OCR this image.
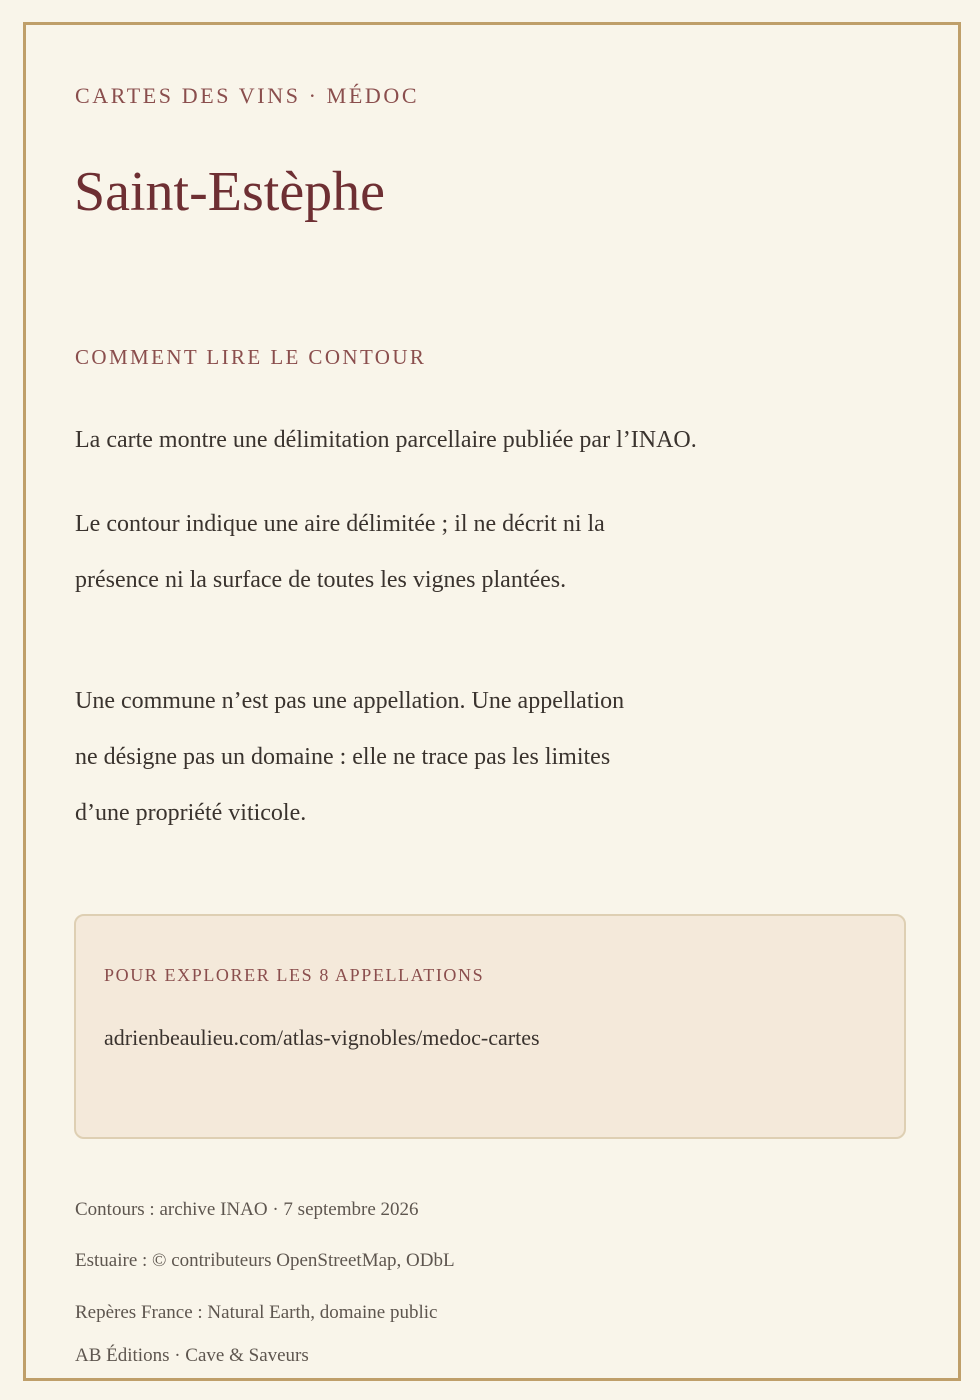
CARTES DES VINS · MÉDOC
Saint-Estèphe
COMMENT LIRE LE CONTOUR
La carte montre une délimitation parcellaire publiée par l’INAO.
Le contour indique une aire délimitée ; il ne décrit ni la
présence ni la surface de toutes les vignes plantées.
Une commune n’est pas une appellation. Une appellation
ne désigne pas un domaine : elle ne trace pas les limites
d’une propriété viticole.
POUR EXPLORER LES 8 APPELLATIONS
adrienbeaulieu.com/atlas-vignobles/medoc-cartes
Contours : archive INAO · 7 septembre 2026
Estuaire : © contributeurs OpenStreetMap, ODbL
Repères France : Natural Earth, domaine public
AB Éditions · Cave & Saveurs
